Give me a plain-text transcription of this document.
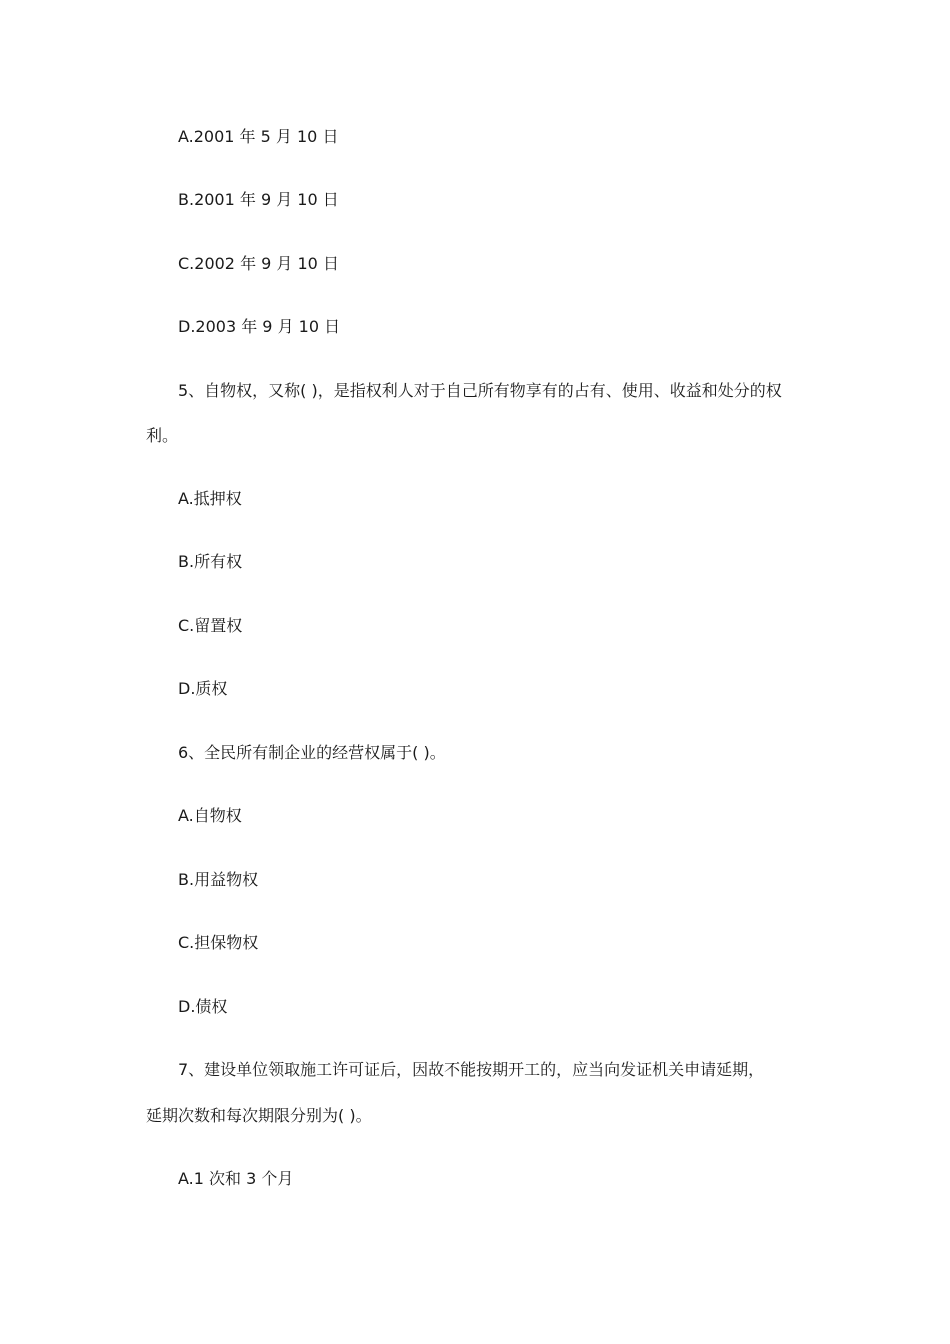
A.2001 年 5 月 10 日
B.2001 年 9 月 10 日
C.2002 年 9 月 10 日
D.2003 年 9 月 10 日
5、自物权，又称( )，是指权利人对于自己所有物享有的占有、使用、收益和处分的权
利。
A.抵押权
B.所有权
C.留置权
D.质权
6、全民所有制企业的经营权属于( )。
A.自物权
B.用益物权
C.担保物权
D.债权
7、建设单位领取施工许可证后，因故不能按期开工的，应当向发证机关申请延期，
延期次数和每次期限分别为( )。
A.1 次和 3 个月
